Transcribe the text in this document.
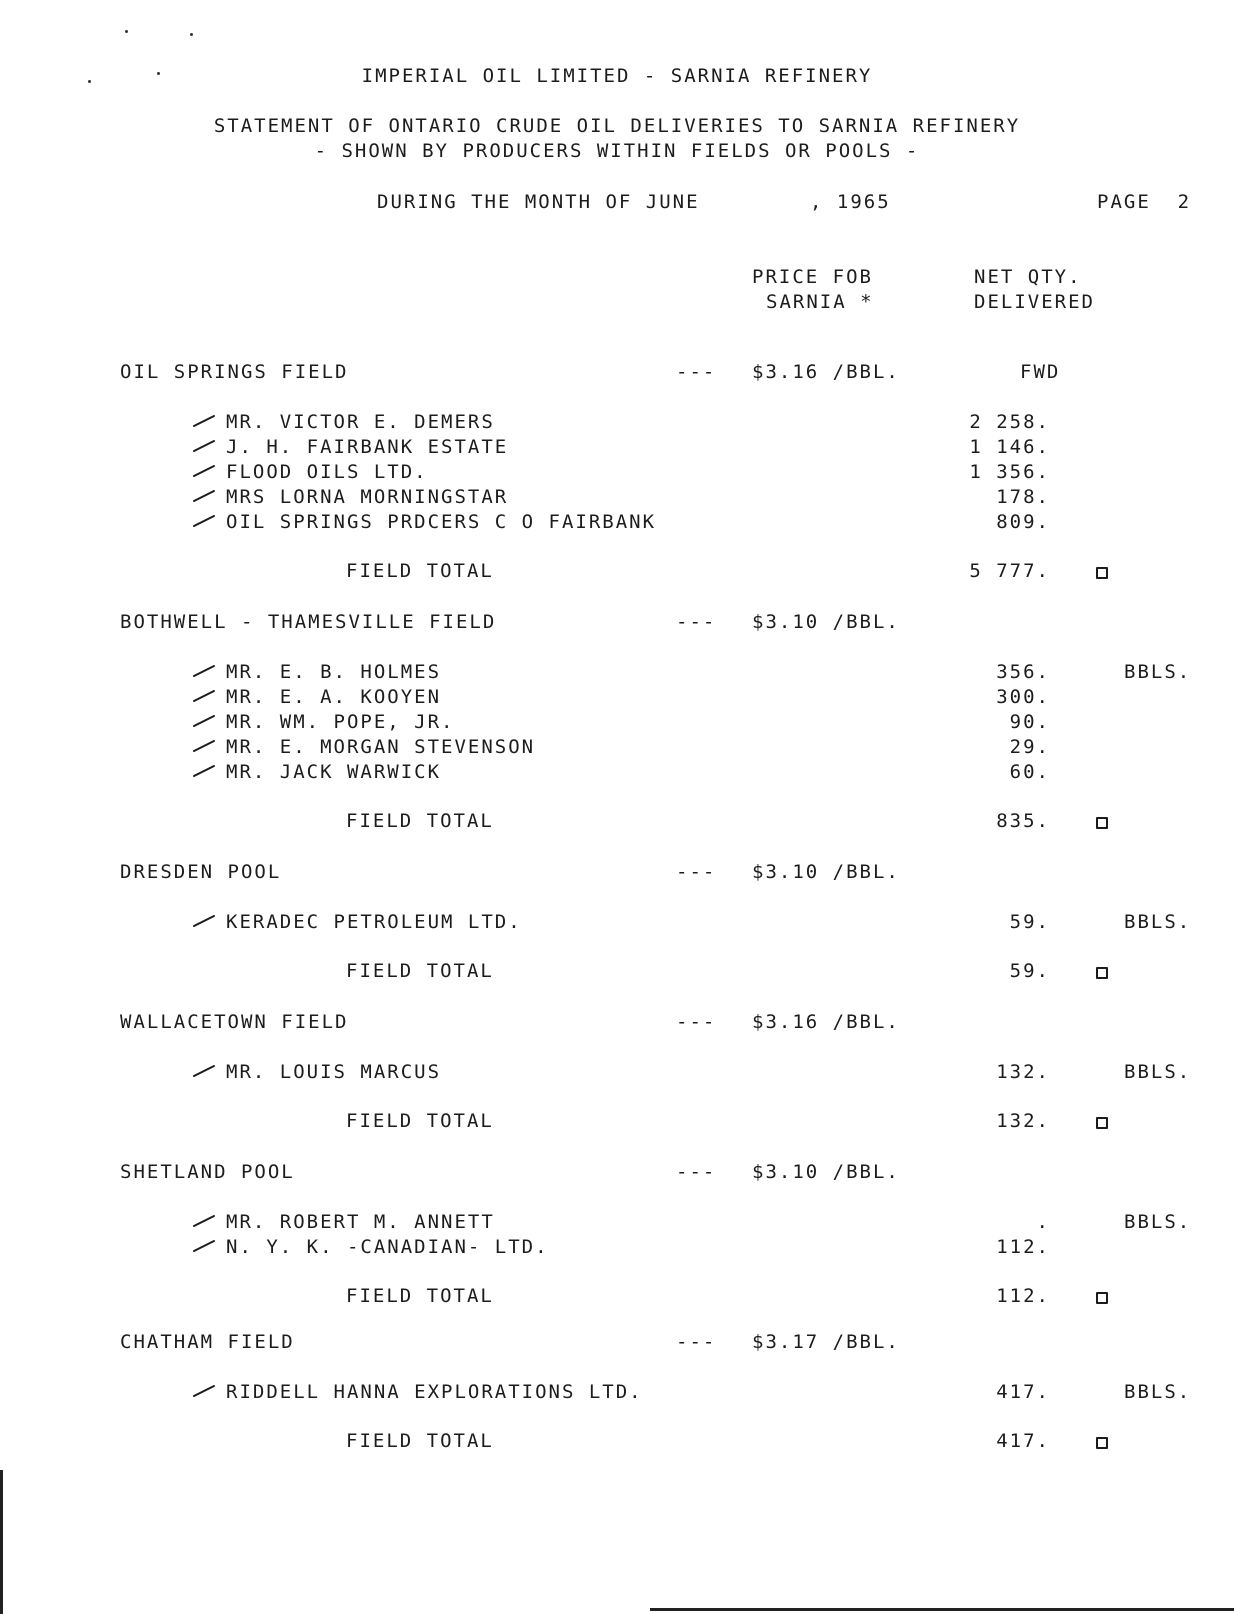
IMPERIAL OIL LIMITED - SARNIA REFINERY
STATEMENT OF ONTARIO CRUDE OIL DELIVERIES TO SARNIA REFINERY
- SHOWN BY PRODUCERS WITHIN FIELDS OR POOLS -
DURING THE MONTH OF JUNE	, 1965	PAGE  2
PRICE FOB
SARNIA *
NET QTY.
DELIVERED
OIL SPRINGS FIELD	--- $3.16 /BBL.	FWD
MR. VICTOR E. DEMERS	2 258.
J. H. FAIRBANK ESTATE	1 146.
FLOOD OILS LTD.	1 356.
MRS LORNA MORNINGSTAR	178.
OIL SPRINGS PRDCERS C O FAIRBANK	809.
FIELD TOTAL	5 777.
BOTHWELL - THAMESVILLE FIELD	--- $3.10 /BBL.
MR. E. B. HOLMES	356.	BBLS.
MR. E. A. KOOYEN	300.
MR. WM. POPE, JR.	90.
MR. E. MORGAN STEVENSON	29.
MR. JACK WARWICK	60.
FIELD TOTAL	835.
DRESDEN POOL	--- $3.10 /BBL.
KERADEC PETROLEUM LTD.	59.	BBLS.
FIELD TOTAL	59.
WALLACETOWN FIELD	--- $3.16 /BBL.
MR. LOUIS MARCUS	132.	BBLS.
FIELD TOTAL	132.
SHETLAND POOL	--- $3.10 /BBL.
MR. ROBERT M. ANNETT	.	BBLS.
N. Y. K. -CANADIAN- LTD.	112.
FIELD TOTAL	112.
CHATHAM FIELD	--- $3.17 /BBL.
RIDDELL HANNA EXPLORATIONS LTD.	417.	BBLS.
FIELD TOTAL	417.
